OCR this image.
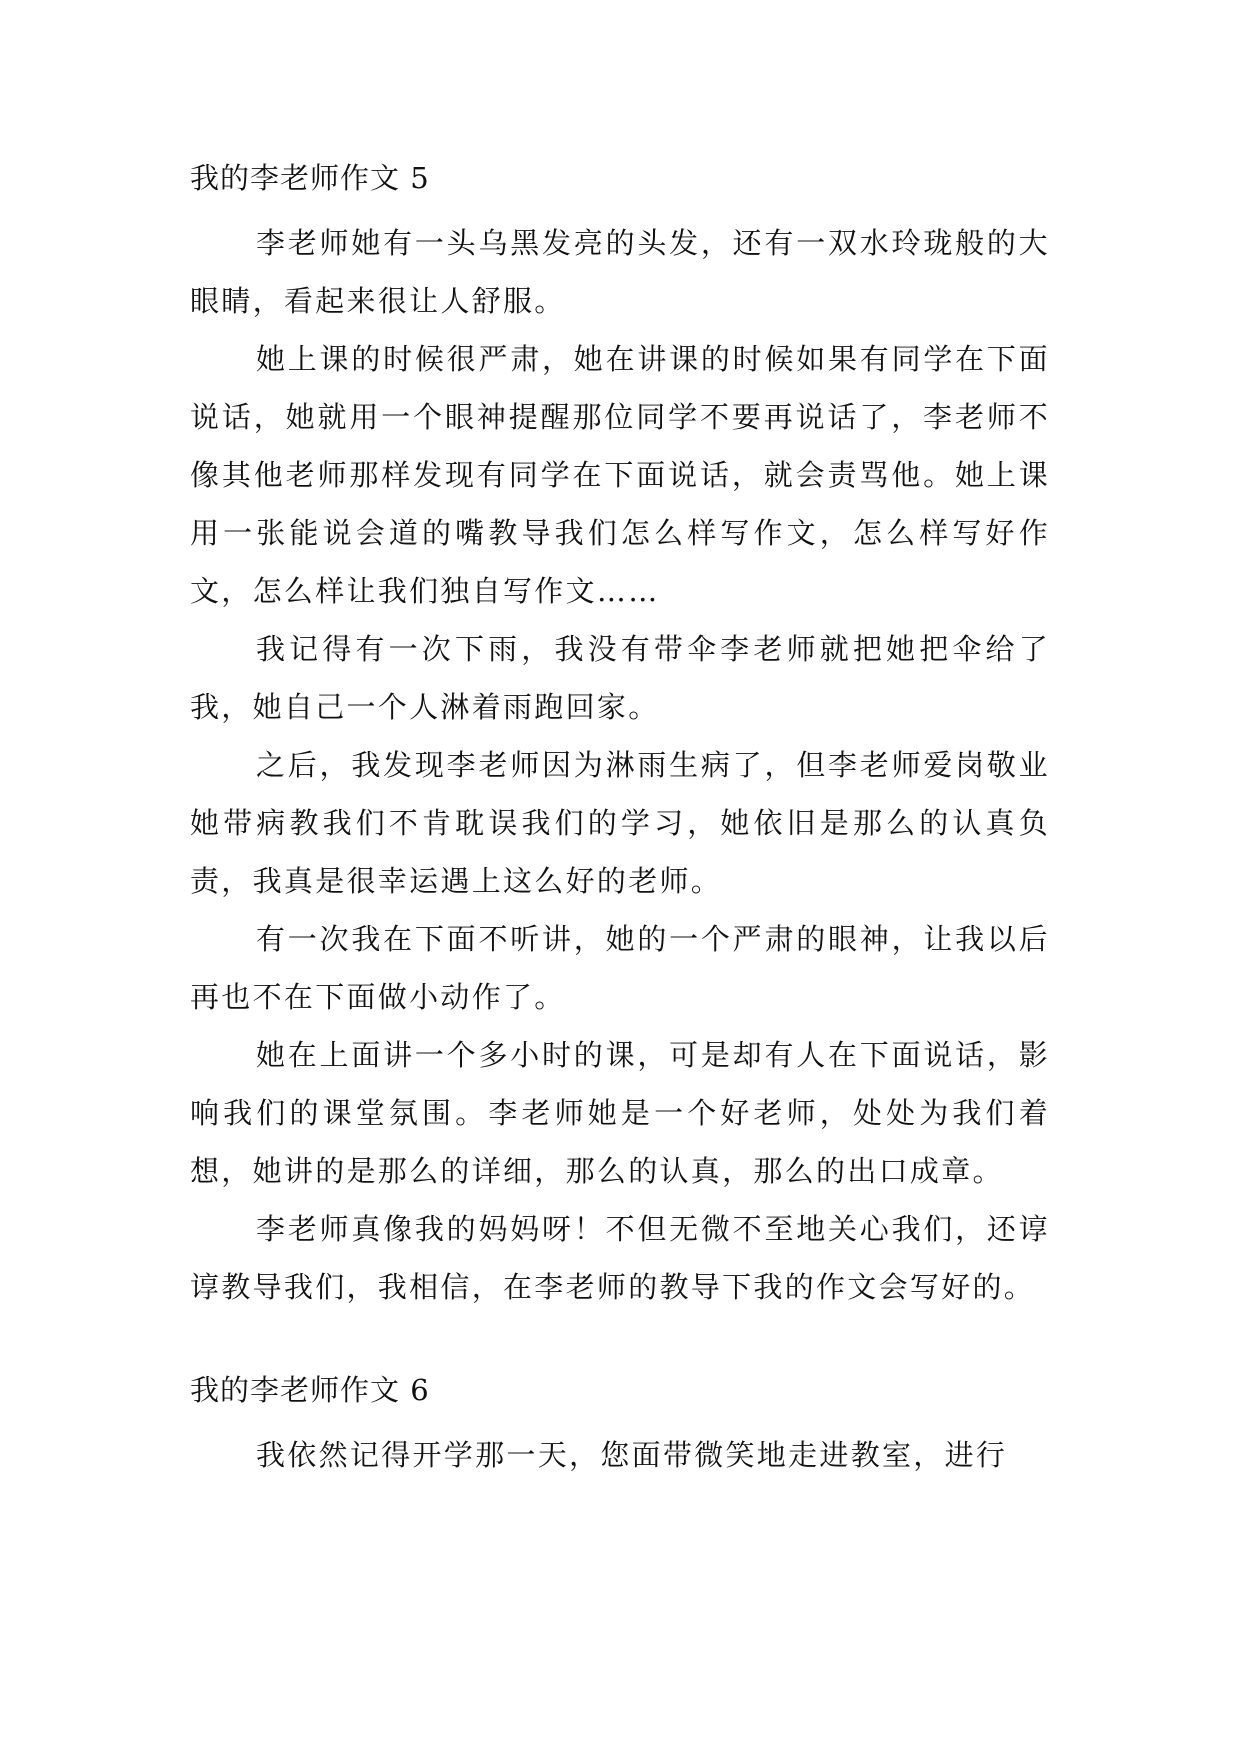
我的李老师作文 5

李老师她有一头乌黑发亮的头发，还有一双水玲珑般的大眼睛，看起来很让人舒服。

她上课的时候很严肃，她在讲课的时候如果有同学在下面说话，她就用一个眼神提醒那位同学不要再说话了，李老师不像其他老师那样发现有同学在下面说话，就会责骂他。她上课用一张能说会道的嘴教导我们怎么样写作文，怎么样写好作文，怎么样让我们独自写作文……

我记得有一次下雨，我没有带伞李老师就把她把伞给了我，她自己一个人淋着雨跑回家。

之后，我发现李老师因为淋雨生病了，但李老师爱岗敬业她带病教我们不肯耽误我们的学习，她依旧是那么的认真负责，我真是很幸运遇上这么好的老师。

有一次我在下面不听讲，她的一个严肃的眼神，让我以后再也不在下面做小动作了。

她在上面讲一个多小时的课，可是却有人在下面说话，影响我们的课堂氛围。李老师她是一个好老师，处处为我们着想，她讲的是那么的详细，那么的认真，那么的出口成章。

李老师真像我的妈妈呀！不但无微不至地关心我们，还谆谆教导我们，我相信，在李老师的教导下我的作文会写好的。

我的李老师作文 6

我依然记得开学那一天，您面带微笑地走进教室，进行
